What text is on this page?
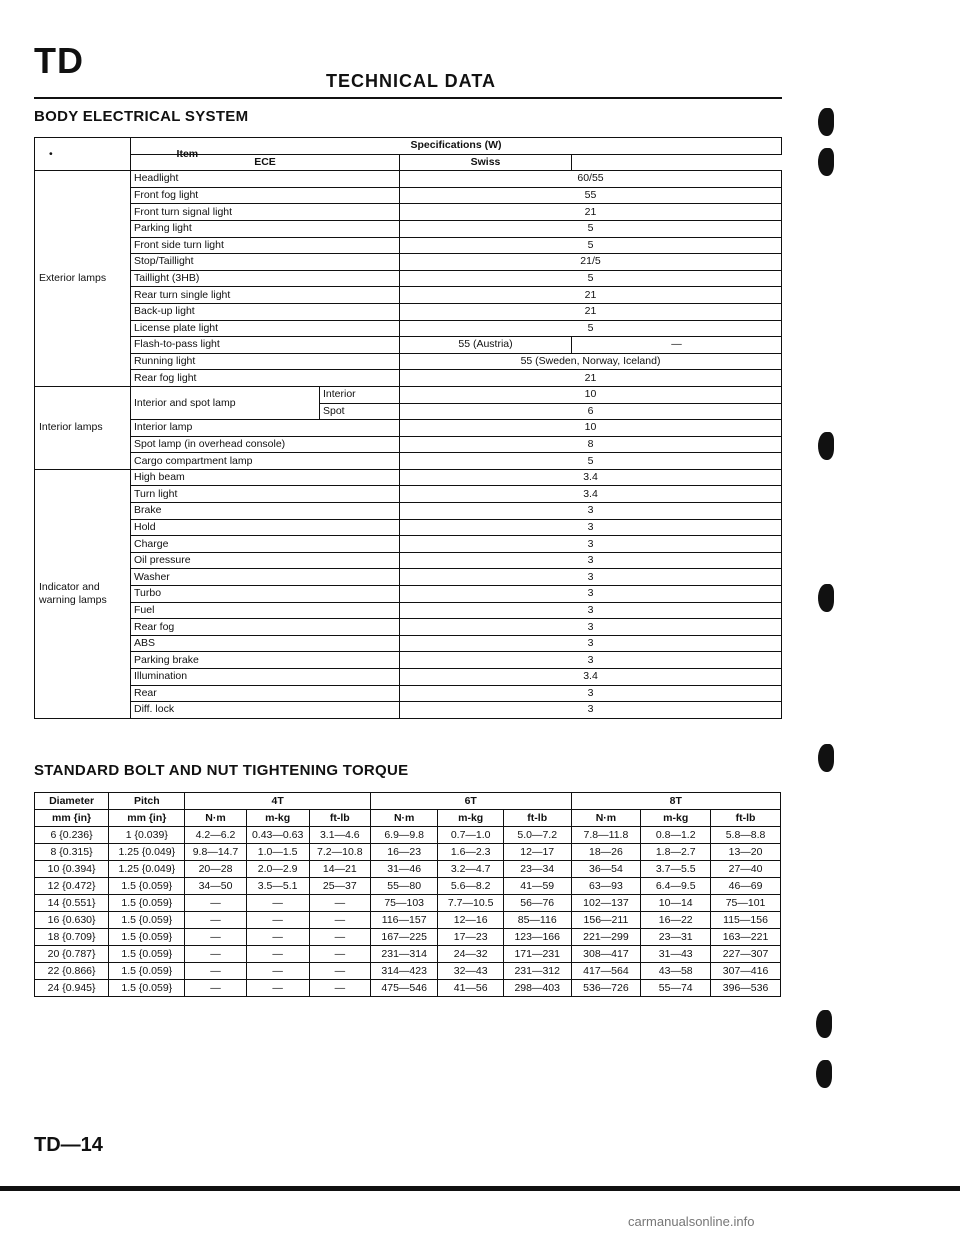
TD	TECHNICAL DATA
BODY ELECTRICAL SYSTEM
• Item	Specifications (W)			
	ECE		Swiss	
Exterior lamps	Headlight		60/55	
	Front fog light		55	
	Front turn signal light		21	
	Parking light		5	
	Front side turn light		5	
	Stop/Taillight		21/5	
	Taillight (3HB)		5	
	Rear turn single light		21	
	Back-up light		21	
	License plate light		5	
	Flash-to-pass light		55 (Austria)	—
	Running light		55 (Sweden, Norway, Iceland)	
	Rear fog light		21	
Interior lamps	Interior and spot lamp	Interior	10	
		Spot	6	
	Interior lamp		10	
	Spot lamp (in overhead console)		8	
	Cargo compartment lamp		5	
Indicator and warning lamps	High beam		3.4	
	Turn light		3.4	
	Brake		3	
	Hold		3	
	Charge		3	
	Oil pressure		3	
	Washer		3	
	Turbo		3	
	Fuel		3	
	Rear fog		3	
	ABS		3	
	Parking brake		3	
	Illumination		3.4	
	Rear		3	
	Diff. lock		3	

STANDARD BOLT AND NUT TIGHTENING TORQUE
Diameter	Pitch	4T			6T			8T		
mm {in}	mm {in}	N·m	m-kg	ft-lb	N·m	m-kg	ft-lb	N·m	m-kg	ft-lb
6 {0.236}	1 {0.039}	4.2—6.2	0.43—0.63	3.1—4.6	6.9—9.8	0.7—1.0	5.0—7.2	7.8—11.8	0.8—1.2	5.8—8.8
8 {0.315}	1.25 {0.049}	9.8—14.7	1.0—1.5	7.2—10.8	16—23	1.6—2.3	12—17	18—26	1.8—2.7	13—20
10 {0.394}	1.25 {0.049}	20—28	2.0—2.9	14—21	31—46	3.2—4.7	23—34	36—54	3.7—5.5	27—40
12 {0.472}	1.5 {0.059}	34—50	3.5—5.1	25—37	55—80	5.6—8.2	41—59	63—93	6.4—9.5	46—69
14 {0.551}	1.5 {0.059}	—	—	—	75—103	7.7—10.5	56—76	102—137	10—14	75—101
16 {0.630}	1.5 {0.059}	—	—	—	116—157	12—16	85—116	156—211	16—22	115—156
18 {0.709}	1.5 {0.059}	—	—	—	167—225	17—23	123—166	221—299	23—31	163—221
20 {0.787}	1.5 {0.059}	—	—	—	231—314	24—32	171—231	308—417	31—43	227—307
22 {0.866}	1.5 {0.059}	—	—	—	314—423	32—43	231—312	417—564	43—58	307—416
24 {0.945}	1.5 {0.059}	—	—	—	475—546	41—56	298—403	536—726	55—74	396—536
TD—14
carmanualsonline.info
